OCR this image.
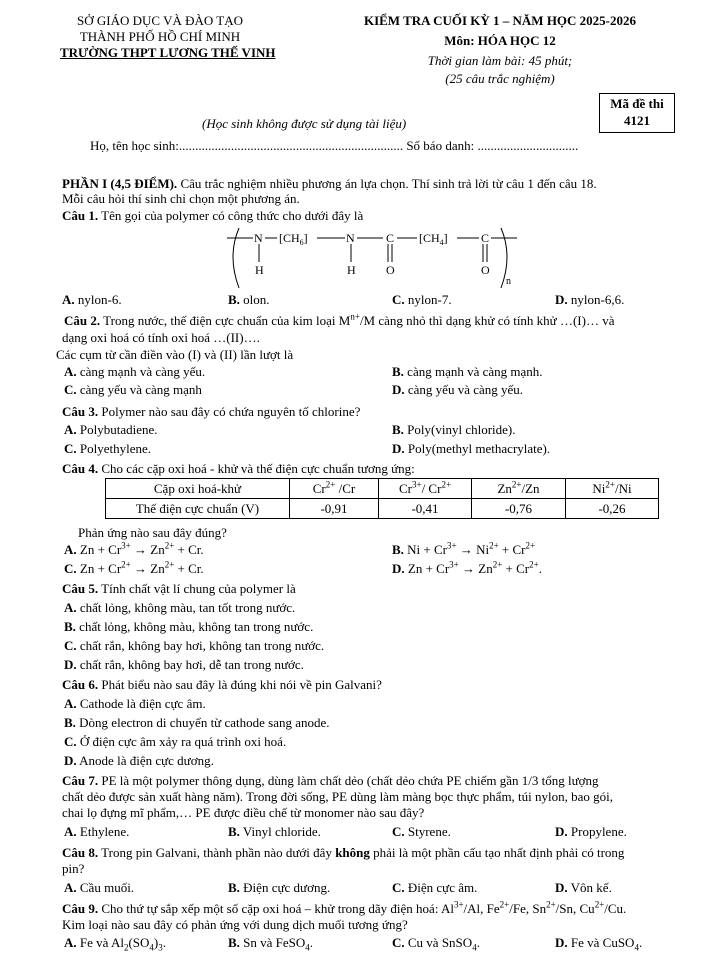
SỞ GIÁO DỤC VÀ ĐÀO TẠO
THÀNH PHỐ HỒ CHÍ MINH
TRƯỜNG THPT LƯƠNG THẾ VINH
KIỂM TRA CUỐI KỲ 1 – NĂM HỌC 2025-2026
Môn: HÓA HỌC 12
Thời gian làm bài: 45 phút;
(25 câu trắc nghiệm)
Mã đề thi
4121
(Học sinh không được sử dụng tài liệu)
Họ, tên học sinh:..................................................................... Số báo danh: ...............................
PHẦN I (4,5 ĐIỂM). Câu trắc nghiệm nhiều phương án lựa chọn. Thí sinh trả lời từ câu 1 đến câu 18.
Mỗi câu hỏi thí sinh chỉ chọn một phương án.
Câu 1. Tên gọi của polymer có công thức cho dưới đây là
N $[CH_6]$	N	C $[CH_4]$	C
H	H	O	O
n
A. nylon-6.	B. olon.	C. nylon-7.	D. nylon-6,6.
Câu 2. Trong nước, thế điện cực chuẩn của kim loại $M^{n+}/M$ càng nhỏ thì dạng khử có tính khử …(I)… và
dạng oxi hoá có tính oxi hoá …(II)….
Các cụm từ cần điền vào (I) và (II) lần lượt là
A. càng mạnh và càng yếu.	B. càng mạnh và càng mạnh.
C. càng yếu và càng mạnh	D. càng yếu và càng yếu.
Câu 3. Polymer nào sau đây có chứa nguyên tố chlorine?
A. Polybutadiene.	B. Poly(vinyl chloride).
C. Polyethylene.	D. Poly(methyl methacrylate).
Câu 4. Cho các cặp oxi hoá - khử và thế điện cực chuẩn tương ứng:
Cặp oxi hoá-khử	$Cr^{2+}$ /Cr	$Cr^{3+}/$ $Cr^{2+}$	$Zn^{2+}/Zn$	$Ni^{2+}/Ni$
Thế điện cực chuẩn (V)	-0,91	-0,41	-0,76	-0,26
Phản ứng nào sau đây đúng?
A. $Zn + Cr^{3+} \to Zn^{2+} + Cr$.	B. $Ni + Cr^{3+} \to Ni^{2+} + Cr^{2+}$
C. $Zn + Cr^{2+} \to Zn^{2+} + Cr$.	D. $Zn + Cr^{3+} \to Zn^{2+} + Cr^{2+}$.
Câu 5. Tính chất vật lí chung của polymer là
A. chất lỏng, không màu, tan tốt trong nước.
B. chất lỏng, không màu, không tan trong nước.
C. chất rắn, không bay hơi, không tan trong nước.
D. chất rắn, không bay hơi, dễ tan trong nước.
Câu 6. Phát biểu nào sau đây là đúng khi nói về pin Galvani?
A. Cathode là điện cực âm.
B. Dòng electron di chuyển từ cathode sang anode.
C. Ở điện cực âm xảy ra quá trình oxi hoá.
D. Anode là điện cực dương.
Câu 7. PE là một polymer thông dụng, dùng làm chất dẻo (chất dẻo chứa PE chiếm gần 1/3 tổng lượng
chất dẻo được sản xuất hàng năm). Trong đời sống, PE dùng làm màng bọc thực phẩm, túi nylon, bao gói,
chai lọ đựng mĩ phẩm,… PE được điều chế từ monomer nào sau đây?
A. Ethylene.	B. Vinyl chloride.	C. Styrene.	D. Propylene.
Câu 8. Trong pin Galvani, thành phần nào dưới đây không phải là một phần cấu tạo nhất định phải có trong
pin?
A. Cầu muối.	B. Điện cực dương.	C. Điện cực âm.	D. Vôn kế.
Câu 9. Cho thứ tự sắp xếp một số cặp oxi hoá – khử trong dãy điện hoá: $Al^{3+}/Al$, $Fe^{2+}/Fe$, $Sn^{2+}/Sn$, $Cu^{2+}/Cu$.
Kim loại nào sau đây có phản ứng với dung dịch muối tương ứng?
A. Fe và $Al_2(SO_4)_3$.	B. Sn và FeSO$_4$.	C. Cu và SnSO$_4$.	D. Fe và CuSO$_4$.
